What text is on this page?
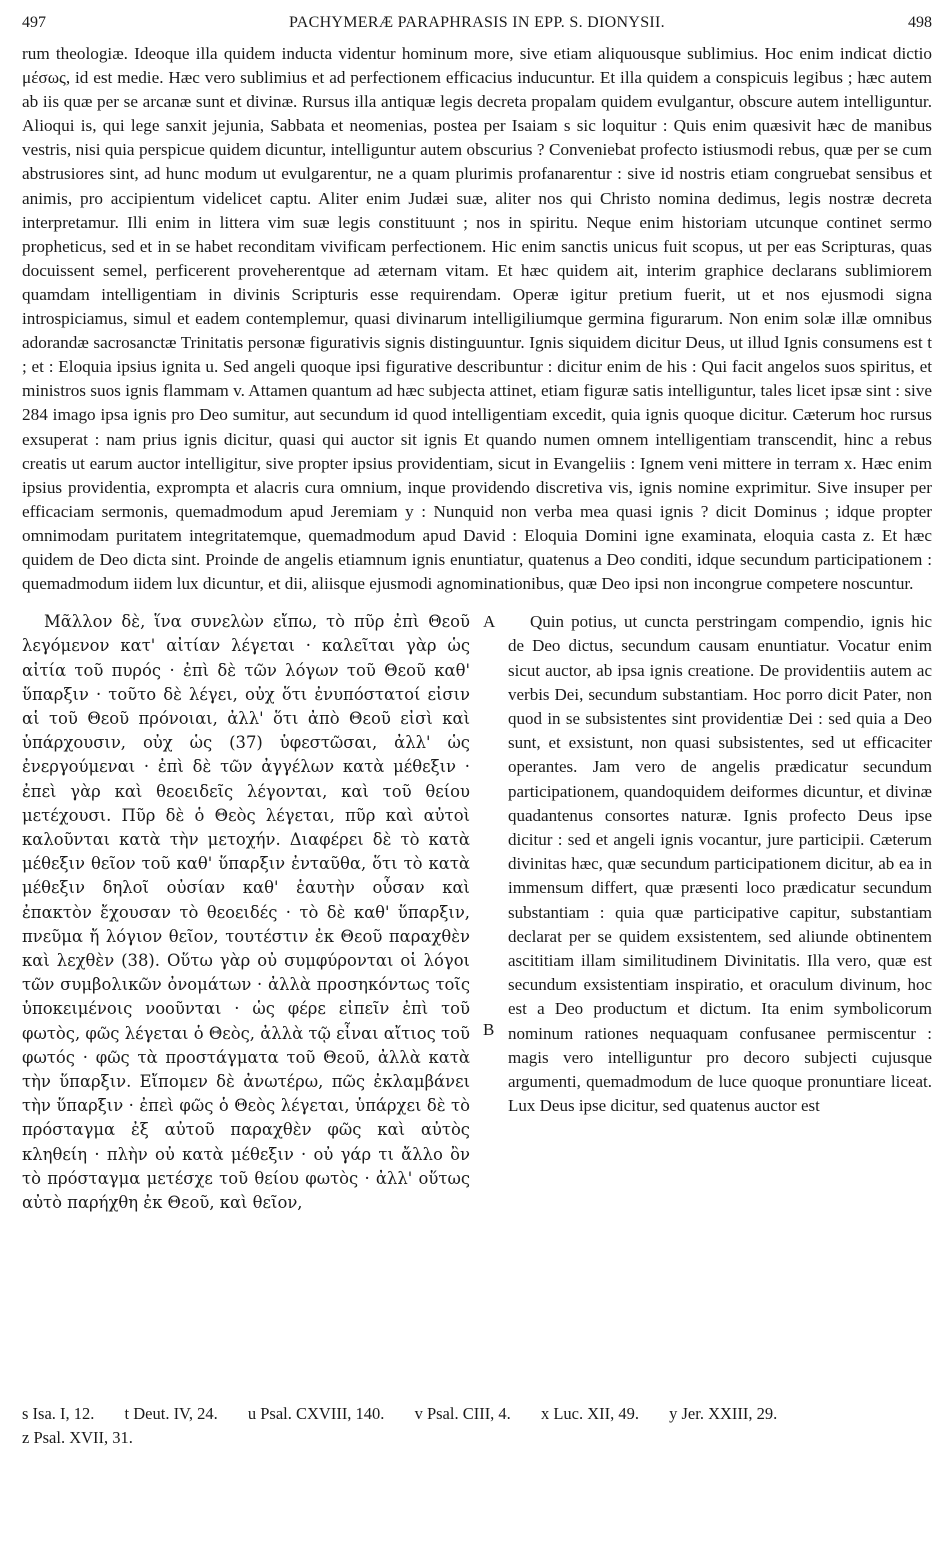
497	PACHYMERÆ PARAPHRASIS IN EPP. S. DIONYSII.	498

rum theologiæ. Ideoque illa quidem inducta videntur hominum more, sive etiam aliquousque sublimius. Hoc enim indicat dictio μέσως, id est medie. Hæc vero sublimius et ad perfectionem efficacius inducuntur. Et illa quidem a conspicuis legibus ; hæc autem ab iis quæ per se arcanæ sunt et divinæ. Rursus illa antiquæ legis decreta propalam quidem evulgantur, obscure autem intelliguntur. Alioqui is, qui lege sanxit jejunia, Sabbata et neomenias, postea per Isaiam s sic loquitur : Quis enim quæsivit hæc de manibus vestris, nisi quia perspicue quidem dicuntur, intelliguntur autem obscurius ? Conveniebat profecto istiusmodi rebus, quæ per se cum abstrusiores sint, ad hunc modum ut evulgarentur, ne a quam plurimis profanarentur : sive id nostris etiam congruebat sensibus et animis, pro accipientum videlicet captu. Aliter enim Judæi suæ, aliter nos qui Christo nomina dedimus, legis nostræ decreta interpretamur. Illi enim in littera vim suæ legis constituunt ; nos in spiritu. Neque enim historiam utcunque continet sermo propheticus, sed et in se habet reconditam vivificam perfectionem. Hic enim sanctis unicus fuit scopus, ut per eas Scripturas, quas docuissent semel, perficerent proveherentque ad æternam vitam. Et hæc quidem ait, interim graphice declarans sublimiorem quamdam intelligentiam in divinis Scripturis esse requirendam. Operæ igitur pretium fuerit, ut et nos ejusmodi signa introspiciamus, simul et eadem contemplemur, quasi divinarum intelligiliumque germina figurarum. Non enim solæ illæ omnibus adorandæ sacrosanctæ Trinitatis personæ figurativis signis distinguuntur. Ignis siquidem dicitur Deus, ut illud Ignis consumens est t ; et : Eloquia ipsius ignita u. Sed angeli quoque ipsi figurative describuntur : dicitur enim de his : Qui facit angelos suos spiritus, et ministros suos ignis flammam v. Attamen quantum ad hæc subjecta attinet, etiam figuræ satis intelliguntur, tales licet ipsæ sint : sive 284 imago ipsa ignis pro Deo sumitur, aut secundum id quod intelligentiam excedit, quia ignis quoque dicitur. Cæterum hoc rursus exsuperat : nam prius ignis dicitur, quasi qui auctor sit ignis Et quando numen omnem intelligentiam transcendit, hinc a rebus creatis ut earum auctor intelligitur, sive propter ipsius providentiam, sicut in Evangeliis : Ignem veni mittere in terram x. Hæc enim ipsius providentia, exprompta et alacris cura omnium, inque providendo discretiva vis, ignis nomine exprimitur. Sive insuper per efficaciam sermonis, quemadmodum apud Jeremiam y : Nunquid non verba mea quasi ignis ? dicit Dominus ; idque propter omnimodam puritatem integritatemque, quemadmodum apud David : Eloquia Domini igne examinata, eloquia casta z. Et hæc quidem de Deo dicta sint. Proinde de angelis etiamnum ignis enuntiatur, quatenus a Deo conditi, idque secundum participationem : quemadmodum iidem lux dicuntur, et dii, aliisque ejusmodi agnominationibus, quæ Deo ipsi non incongrue competere noscuntur.

Μᾶλλον δὲ, ἵνα συνελὼν εἴπω, τὸ πῦρ ἐπὶ Θεοῦ λεγόμενον κατ' αἰτίαν λέγεται · καλεῖται γὰρ ὡς αἰτία τοῦ πυρός · ἐπὶ δὲ τῶν λόγων τοῦ Θεοῦ καθ' ὕπαρξιν · τοῦτο δὲ λέγει, οὐχ ὅτι ἐνυπόστατοί εἰσιν αἱ τοῦ Θεοῦ πρόνοιαι, ἀλλ' ὅτι ἀπὸ Θεοῦ εἰσὶ καὶ ὑπάρχουσιν, οὐχ ὡς (37) ὑφεστῶσαι, ἀλλ' ὡς ἐνεργούμεναι · ἐπὶ δὲ τῶν ἀγγέλων κατὰ μέθεξιν · ἐπεὶ γὰρ καὶ θεοειδεῖς λέγονται, καὶ τοῦ θείου μετέχουσι. Πῦρ δὲ ὁ Θεὸς λέγεται, πῦρ καὶ αὐτοὶ καλοῦνται κατὰ τὴν μετοχήν. Διαφέρει δὲ τὸ κατὰ μέθεξιν θεῖον τοῦ καθ' ὕπαρξιν ἐνταῦθα, ὅτι τὸ κατὰ μέθεξιν δηλοῖ οὐσίαν καθ' ἑαυτὴν οὖσαν καὶ ἐπακτὸν ἔχουσαν τὸ θεοειδές · τὸ δὲ καθ' ὕπαρξιν, πνεῦμα ἤ λόγιον θεῖον, τουτέστιν ἐκ Θεοῦ παραχθὲν καὶ λεχθὲν (38). Οὕτω γὰρ οὐ συμφύρονται οἱ λόγοι τῶν συμβολικῶν ὀνομάτων · ἀλλὰ προσηκόντως τοῖς ὑποκειμένοις νοοῦνται · ὡς φέρε εἰπεῖν ἐπὶ τοῦ φωτὸς, φῶς λέγεται ὁ Θεὸς, ἀλλὰ τῷ εἶναι αἴτιος τοῦ φωτός · φῶς τὰ προστάγματα τοῦ Θεοῦ, ἀλλὰ κατὰ τὴν ὕπαρξιν. Εἴπομεν δὲ ἀνωτέρω, πῶς ἐκλαμβάνει τὴν ὕπαρξιν · ἐπεὶ φῶς ὁ Θεὸς λέγεται, ὑπάρχει δὲ τὸ πρόσταγμα ἐξ αὐτοῦ παραχθὲν φῶς καὶ αὐτὸς κληθείη · πλὴν οὐ κατὰ μέθεξιν · οὐ γάρ τι ἄλλο ὂν τὸ πρόσταγμα μετέσχε τοῦ θείου φωτὸς · ἀλλ' οὕτως αὐτὸ παρήχθη ἐκ Θεοῦ, καὶ θεῖον,

A
B

Quin potius, ut cuncta perstringam compendio, ignis hic de Deo dictus, secundum causam enuntiatur. Vocatur enim sicut auctor, ab ipsa ignis creatione. De providentiis autem ac verbis Dei, secundum substantiam. Hoc porro dicit Pater, non quod in se subsistentes sint providentiæ Dei : sed quia a Deo sunt, et exsistunt, non quasi subsistentes, sed ut efficaciter operantes. Jam vero de angelis prædicatur secundum participationem, quandoquidem deiformes dicuntur, et divinæ quadantenus consortes naturæ. Ignis profecto Deus ipse dicitur : sed et angeli ignis vocantur, jure participii. Cæterum divinitas hæc, quæ secundum participationem dicitur, ab ea in immensum differt, quæ præsenti loco prædicatur secundum substantiam : quia quæ participative capitur, substantiam declarat per se quidem exsistentem, sed aliunde obtinentem ascititiam illam similitudinem Divinitatis. Illa vero, quæ est secundum exsistentiam inspiratio, et oraculum divinum, hoc est a Deo productum et dictum. Ita enim symbolicorum nominum rationes nequaquam confusanee permiscentur : magis vero intelliguntur pro decoro subjecti cujusque argumenti, quemadmodum de luce quoque pronuntiare liceat. Lux Deus ipse dicitur, sed quatenus auctor est

s Isa. I, 12. t Deut. IV, 24. u Psal. CXVIII, 140. v Psal. CIII, 4. x Luc. XII, 49. y Jer. XXIII, 29.
z Psal. XVII, 31.
